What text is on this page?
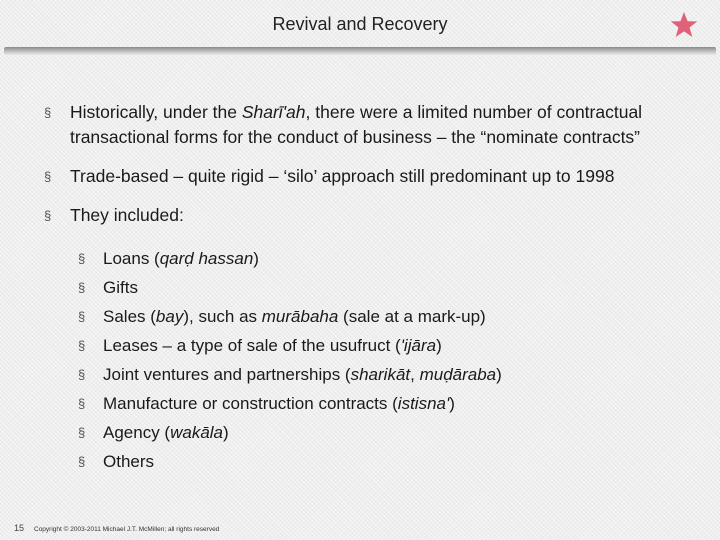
Revival and Recovery
§ Historically, under the Sharī'ah, there were a limited number of contractual transactional forms for the conduct of business – the “nominate contracts”
§ Trade-based – quite rigid – ‘silo’ approach still predominant up to 1998
§ They included:
§ Loans (qarḍ hassan)
§ Gifts
§ Sales (bay), such as murābaha (sale at a mark-up)
§ Leases – a type of sale of the usufruct ('ijāra)
§ Joint ventures and partnerships (sharikāt, muḍāraba)
§ Manufacture or construction contracts (istisna')
§ Agency (wakāla)
§ Others
15 Copyright © 2003-2011 Michael J.T. McMillen; all rights reserved
